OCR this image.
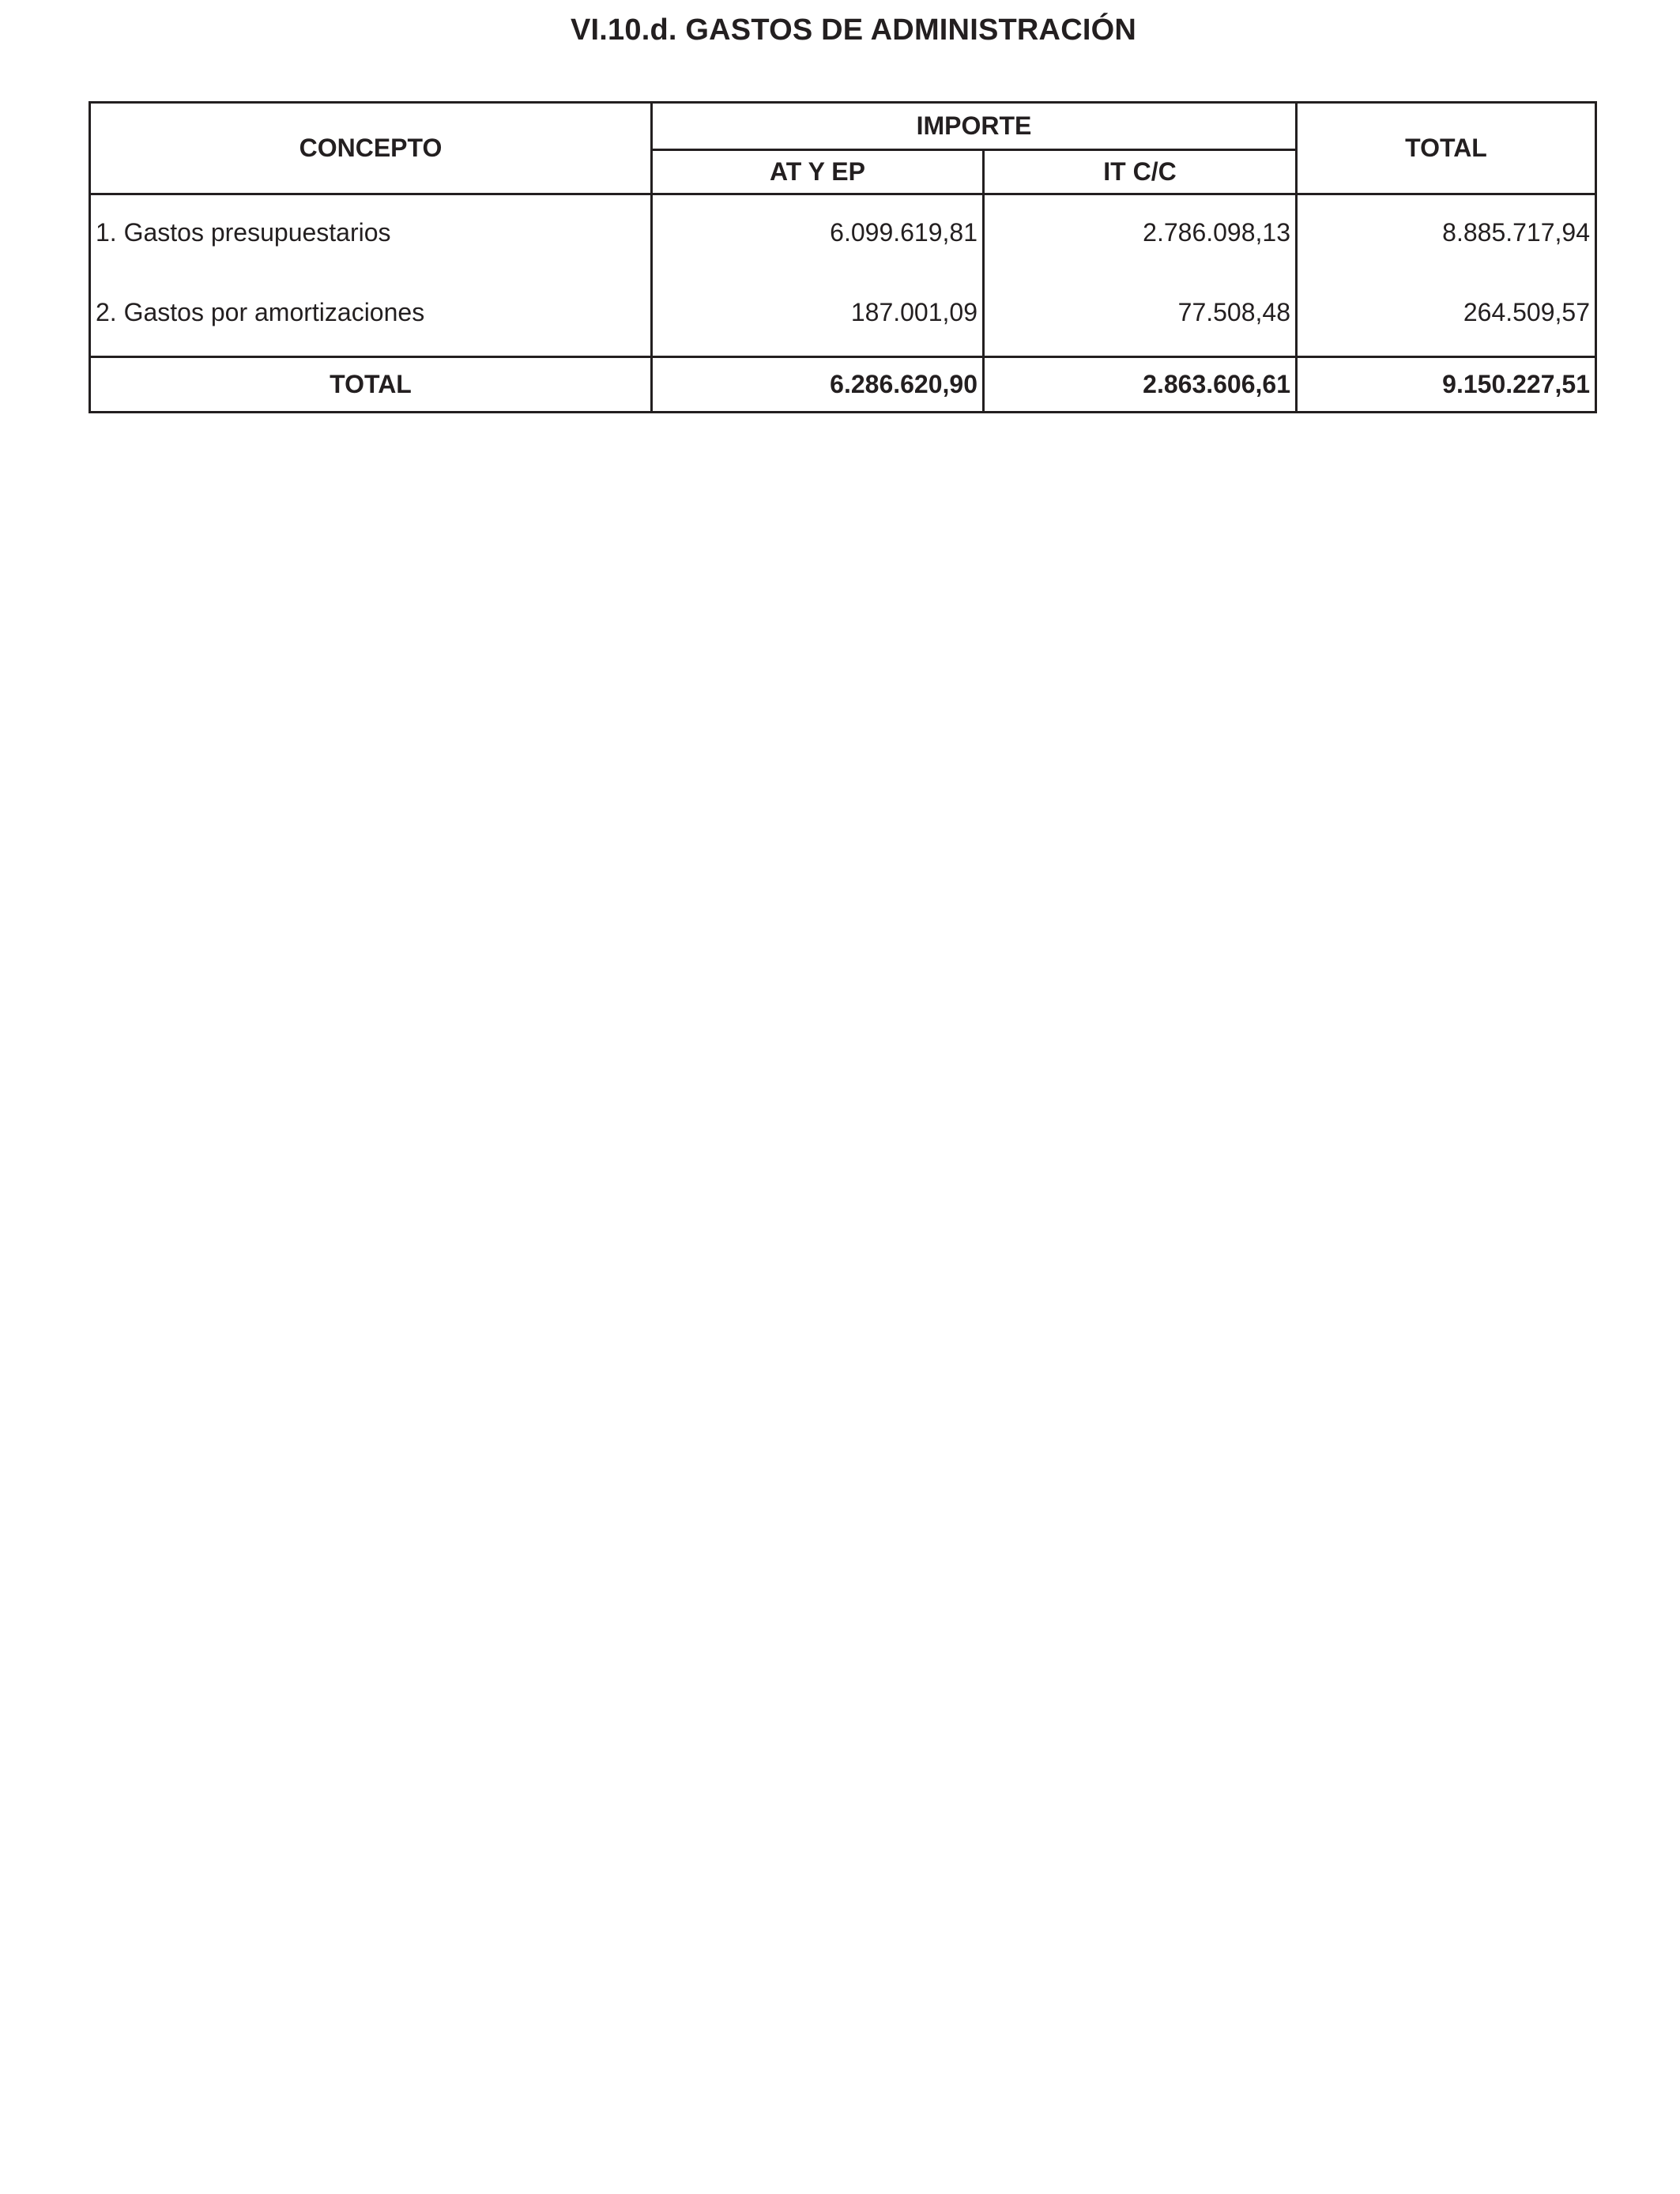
VI.10.d. GASTOS DE ADMINISTRACIÓN
CONCEPTO	IMPORTE		TOTAL
	AT Y EP	IT C/C	
1. Gastos presupuestarios	6.099.619,81	2.786.098,13	8.885.717,94
2. Gastos por amortizaciones	187.001,09	77.508,48	264.509,57
TOTAL	6.286.620,90	2.863.606,61	9.150.227,51
